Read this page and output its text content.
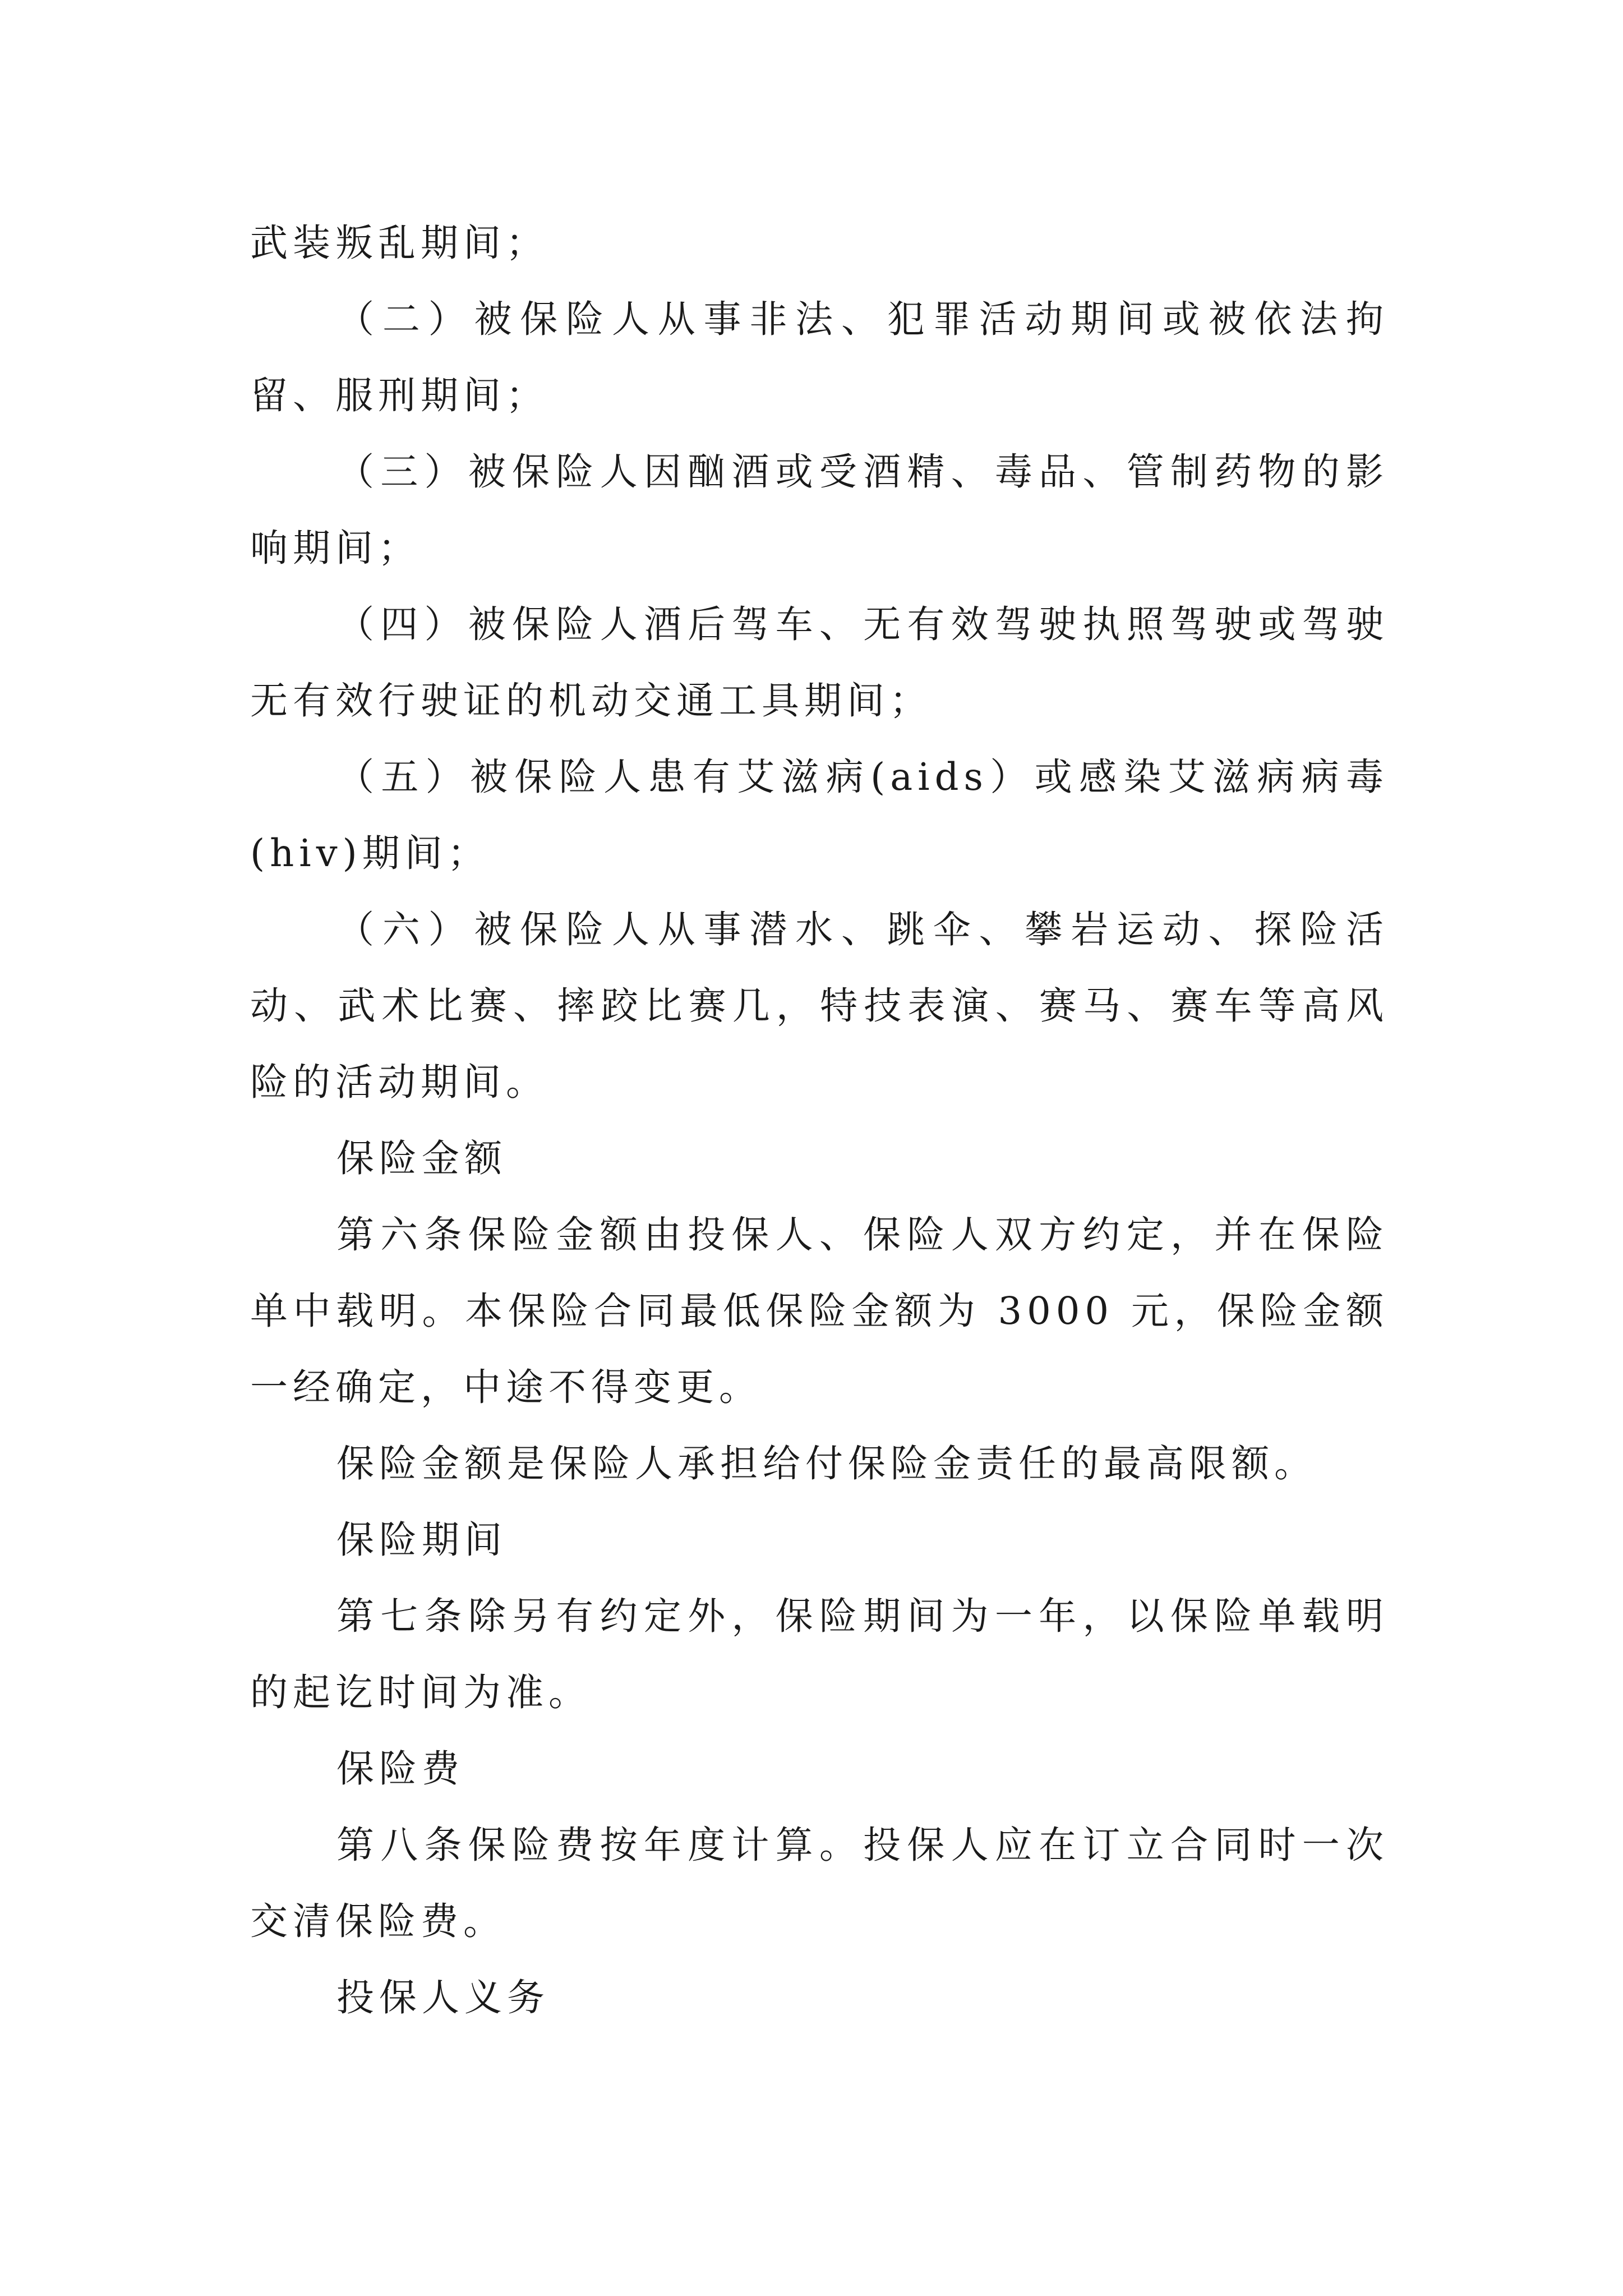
武装叛乱期间；

（二）被保险人从事非法、犯罪活动期间或被依法拘留、服刑期间；

（三）被保险人因酗酒或受酒精、毒品、管制药物的影响期间；

（四）被保险人酒后驾车、无有效驾驶执照驾驶或驾驶无有效行驶证的机动交通工具期间；

（五）被保险人患有艾滋病(aids）或感染艾滋病病毒(hiv)期间；

（六）被保险人从事潜水、跳伞、攀岩运动、探险活动、武术比赛、摔跤比赛几，特技表演、赛马、赛车等高风险的活动期间。

保险金额

第六条保险金额由投保人、保险人双方约定，并在保险单中载明。本保险合同最低保险金额为 3000 元，保险金额一经确定，中途不得变更。

保险金额是保险人承担给付保险金责任的最高限额。

保险期间

第七条除另有约定外，保险期间为一年，以保险单载明的起讫时间为准。

保险费

第八条保险费按年度计算。投保人应在订立合同时一次交清保险费。

投保人义务
